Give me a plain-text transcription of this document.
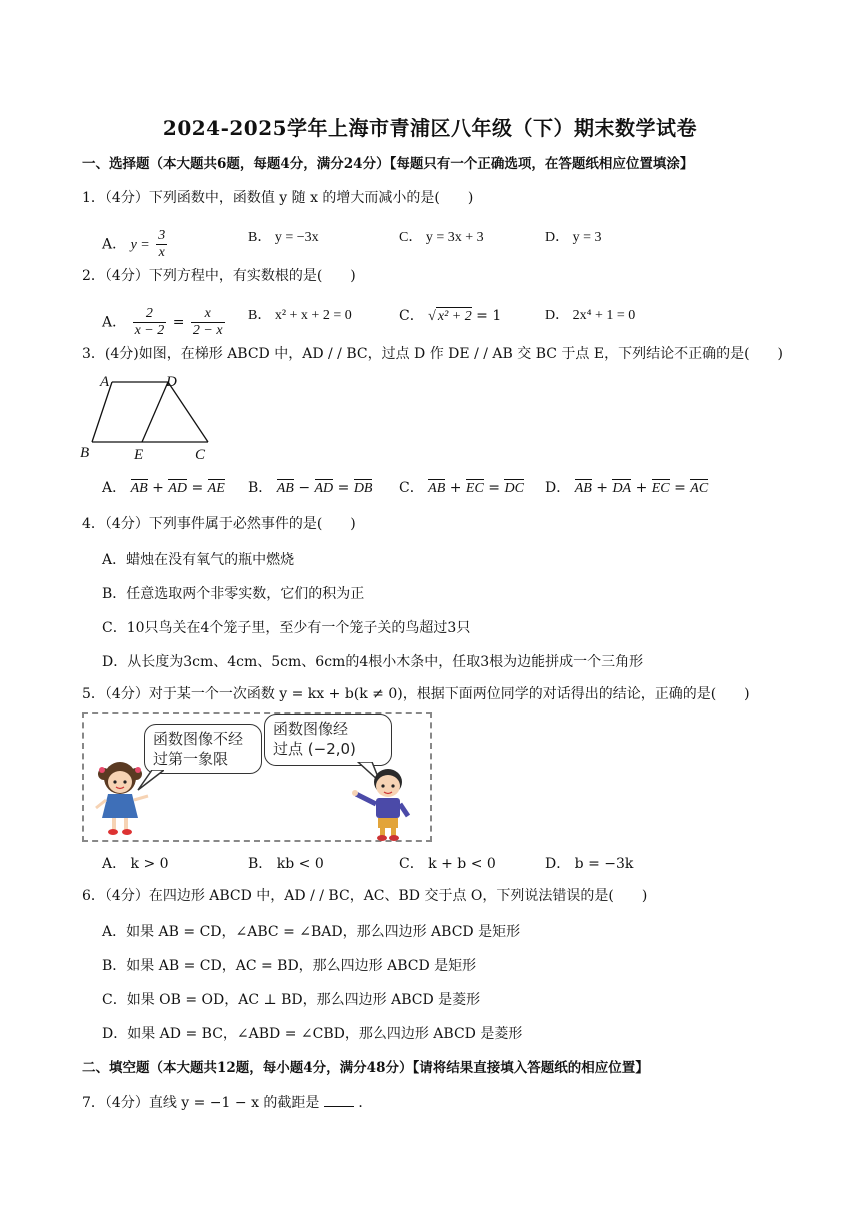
2024-2025学年上海市青浦区八年级（下）期末数学试卷
一、选择题（本大题共6题，每题4分，满分24分）【每题只有一个正确选项，在答题纸相应位置填涂】
1．（4分）下列函数中，函数值 y 随 x 的增大而减小的是(　　)
A． $y = \frac{3}{x}$	B． y = −3x	C． y = 3x + 3	D． y = 3
2．（4分）下列方程中，有实数根的是(　　)
A． $\frac{2}{x - 2} = \frac{x}{2 - x}$ B． x² + x + 2 = 0	C． √ x² + 2 = 1	D． 2x⁴ + 1 = 0
3．(4分)如图，在梯形 ABCD 中，AD / / BC，过点 D 作 DE / / AB 交 BC 于点 E，下列结论不正确的是(　　)
A	D
B	E	C
A． AB + AD = AE B． AB − AD = DB C． AB + EC = DC D． AB + DA + EC = AC
4．（4分）下列事件属于必然事件的是(　　)
A．蜡烛在没有氧气的瓶中燃烧
B．任意选取两个非零实数，它们的积为正
C．10只鸟关在4个笼子里，至少有一个笼子关的鸟超过3只
D．从长度为3cm、4cm、5cm、6cm的4根小木条中，任取3根为边能拼成一个三角形
5．（4分）对于某一个一次函数 y = kx + b(k ≠ 0)，根据下面两位同学的对话得出的结论，正确的是(　　)
函数图像不经
过第一象限
函数图像经
过点 (−2,0)
A． k > 0	B． kb < 0	C． k + b < 0	D． b = −3k
6．（4分）在四边形 ABCD 中，AD / / BC，AC、BD 交于点 O，下列说法错误的是(　　)
A．如果 AB = CD，∠ABC = ∠BAD，那么四边形 ABCD 是矩形
B．如果 AB = CD，AC = BD，那么四边形 ABCD 是矩形
C．如果 OB = OD，AC ⊥ BD，那么四边形 ABCD 是菱形
D．如果 AD = BC，∠ABD = ∠CBD，那么四边形 ABCD 是菱形
二、填空题（本大题共12题，每小题4分，满分48分）【请将结果直接填入答题纸的相应位置】
7．（4分）直线 y = −1 − x 的截距是	．
